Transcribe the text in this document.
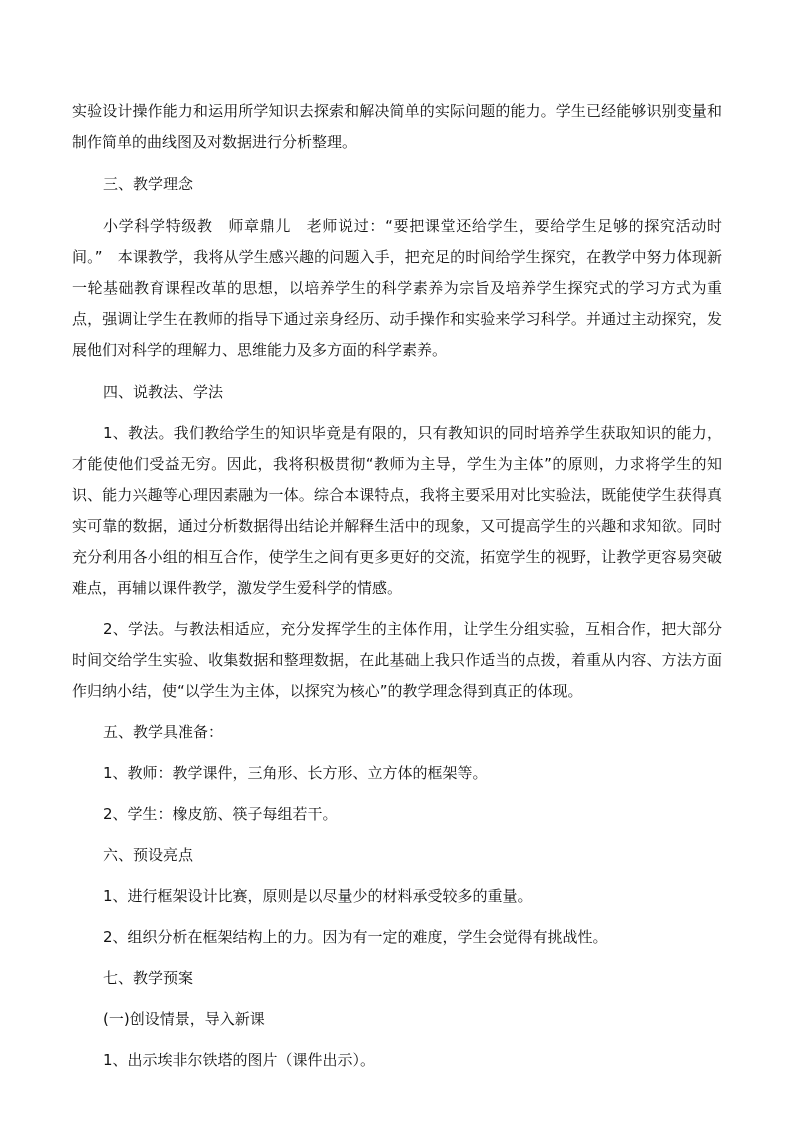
实验设计操作能力和运用所学知识去探索和解决简单的实际问题的能力。学生已经能够识别变量和制作简单的曲线图及对数据进行分析整理。

三、教学理念

小学科学特级教　师章鼎儿　老师说过：“要把课堂还给学生，要给学生足够的探究活动时间。”　本课教学，我将从学生感兴趣的问题入手，把充足的时间给学生探究，在教学中努力体现新一轮基础教育课程改革的思想，以培养学生的科学素养为宗旨及培养学生探究式的学习方式为重点，强调让学生在教师的指导下通过亲身经历、动手操作和实验来学习科学。并通过主动探究，发展他们对科学的理解力、思维能力及多方面的科学素养。

四、说教法、学法

1、教法。我们教给学生的知识毕竟是有限的，只有教知识的同时培养学生获取知识的能力，才能使他们受益无穷。因此，我将积极贯彻“教师为主导，学生为主体”的原则，力求将学生的知识、能力兴趣等心理因素融为一体。综合本课特点，我将主要采用对比实验法，既能使学生获得真实可靠的数据，通过分析数据得出结论并解释生活中的现象，又可提高学生的兴趣和求知欲。同时充分利用各小组的相互合作，使学生之间有更多更好的交流，拓宽学生的视野，让教学更容易突破难点，再辅以课件教学，激发学生爱科学的情感。

2、学法。与教法相适应，充分发挥学生的主体作用，让学生分组实验，互相合作，把大部分时间交给学生实验、收集数据和整理数据，在此基础上我只作适当的点拨，着重从内容、方法方面作归纳小结，使“以学生为主体，以探究为核心”的教学理念得到真正的体现。

五、教学具准备：

1、教师：教学课件，三角形、长方形、立方体的框架等。

2、学生：橡皮筋、筷子每组若干。

六、预设亮点

1、进行框架设计比赛，原则是以尽量少的材料承受较多的重量。

2、组织分析在框架结构上的力。因为有一定的难度，学生会觉得有挑战性。

七、教学预案

(一)创设情景，导入新课

1、出示埃非尔铁塔的图片（课件出示）。
